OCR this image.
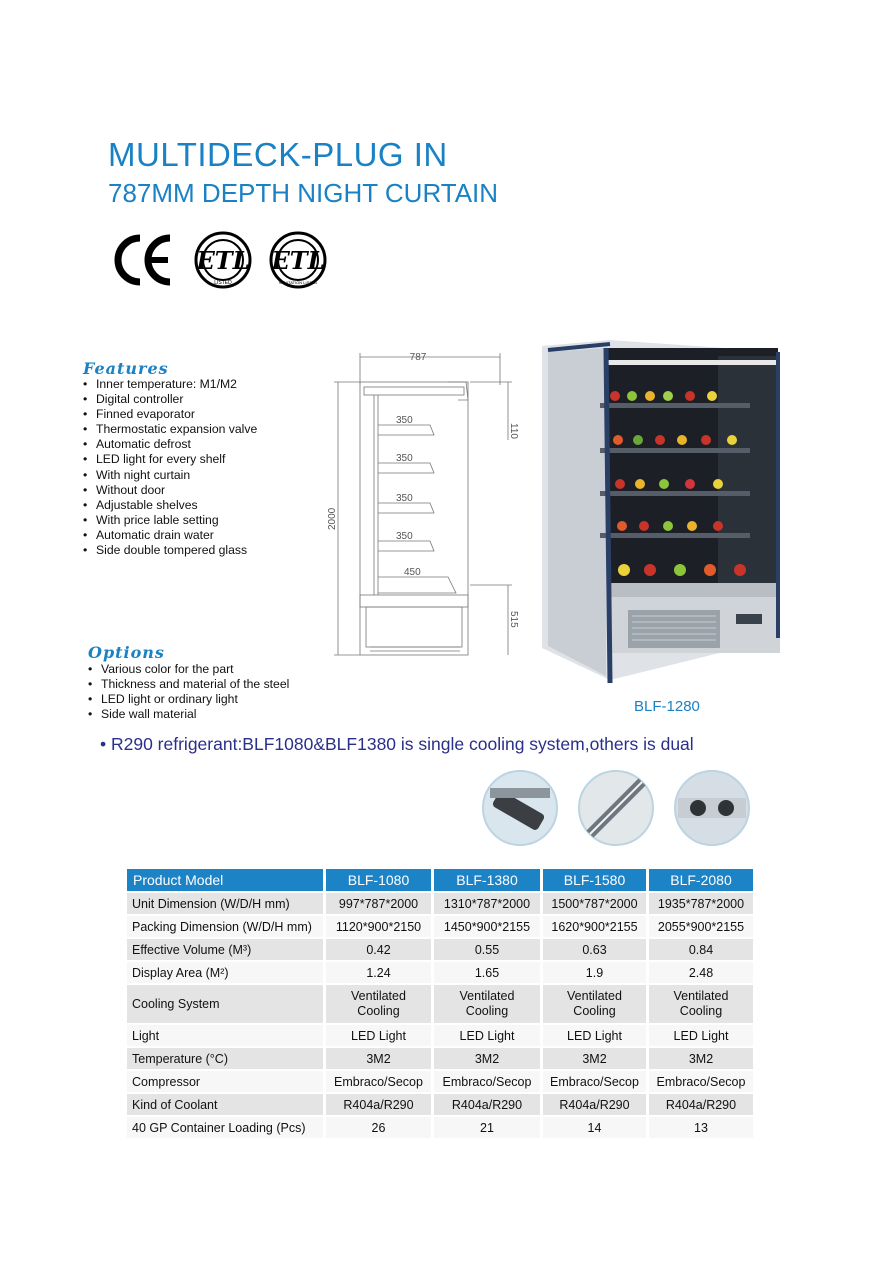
MULTIDECK-PLUG IN
787MM DEPTH NIGHT CURTAIN
ETL
LISTED
ETL
SANITATION LISTED
Features
• Inner temperature: M1/M2
• Digital controller
• Finned evaporator
• Thermostatic expansion valve
• Automatic defrost
• LED light for every shelf
• With night curtain
• Without door
• Adjustable shelves
• With price lable setting
• Automatic drain water
• Side double tompered glass
Options
• Various color for the part
• Thickness and material of the steel
• LED light or ordinary light
• Side wall material
787
350
350
350
350
450
2000
110
515
BLF-1280
• R290 refrigerant:BLF1080&BLF1380 is single cooling system,others is dual
Product Model	BLF-1080	BLF-1380	BLF-1580	BLF-2080
Unit Dimension (W/D/H mm)	997*787*2000	1310*787*2000	1500*787*2000	1935*787*2000
Packing Dimension (W/D/H mm)	1120*900*2150	1450*900*2155	1620*900*2155	2055*900*2155
Effective Volume (M³)	0.42	0.55	0.63	0.84
Display Area (M²)	1.24	1.65	1.9	2.48
Cooling System	Ventilated Cooling	Ventilated Cooling	Ventilated Cooling	Ventilated Cooling
Light	LED Light	LED Light	LED Light	LED Light
Temperature (°C)	3M2	3M2	3M2	3M2
Compressor	Embraco/Secop	Embraco/Secop	Embraco/Secop	Embraco/Secop
Kind of Coolant	R404a/R290	R404a/R290	R404a/R290	R404a/R290
40 GP Container Loading (Pcs)	26	21	14	13
